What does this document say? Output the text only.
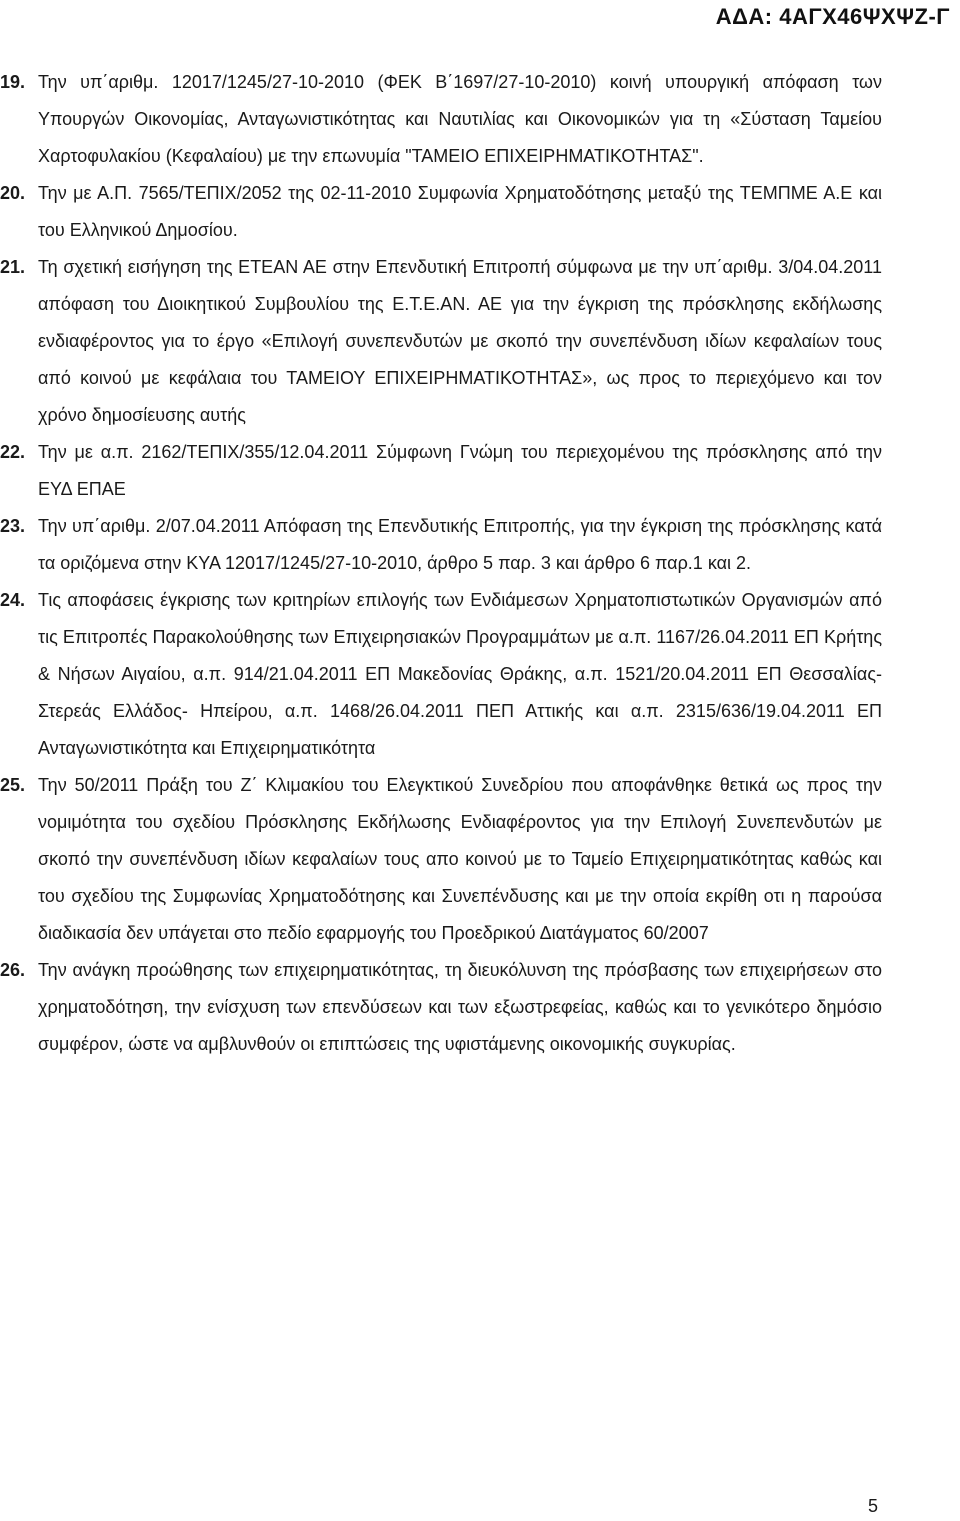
ΑΔΑ: 4ΑΓΧ46ΨΧΨΖ-Γ
19. Την υπ΄αριθμ. 12017/1245/27-10-2010 (ΦΕΚ Β΄1697/27-10-2010) κοινή υπουργική απόφαση των Υπουργών Οικονομίας, Ανταγωνιστικότητας και Ναυτιλίας και Οικονομικών για τη «Σύσταση Ταμείου Χαρτοφυλακίου (Κεφαλαίου) με την επωνυμία "ΤΑΜΕΙΟ ΕΠΙΧΕΙΡΗΜΑΤΙΚΟΤΗΤΑΣ".
20. Την με Α.Π. 7565/ΤΕΠΙΧ/2052 της 02-11-2010 Συμφωνία Χρηματοδότησης μεταξύ της ΤΕΜΠΜΕ Α.Ε και του Ελληνικού Δημοσίου.
21. Τη σχετική εισήγηση της ΕΤΕΑΝ ΑΕ στην Επενδυτική Επιτροπή σύμφωνα με την υπ΄αριθμ. 3/04.04.2011 απόφαση του Διοικητικού Συμβουλίου της Ε.Τ.Ε.ΑΝ. ΑΕ για την έγκριση της πρόσκλησης εκδήλωσης ενδιαφέροντος για το έργο «Επιλογή συνεπενδυτών με σκοπό την συνεπένδυση ιδίων κεφαλαίων τους από κοινού με κεφάλαια του ΤΑΜΕΙΟΥ ΕΠΙΧΕΙΡΗΜΑΤΙΚΟΤΗΤΑΣ», ως προς το περιεχόμενο και τον χρόνο δημοσίευσης αυτής
22. Την με α.π. 2162/ΤΕΠΙΧ/355/12.04.2011 Σύμφωνη Γνώμη του περιεχομένου της πρόσκλησης από την ΕΥΔ ΕΠΑΕ
23. Την υπ΄αριθμ. 2/07.04.2011 Απόφαση της Επενδυτικής Επιτροπής, για την έγκριση της πρόσκλησης κατά τα οριζόμενα στην ΚΥΑ 12017/1245/27-10-2010, άρθρο 5 παρ. 3 και άρθρο 6 παρ.1 και 2.
24. Τις αποφάσεις έγκρισης των κριτηρίων επιλογής των Ενδιάμεσων Χρηματοπιστωτικών Οργανισμών από τις Επιτροπές Παρακολούθησης των Επιχειρησιακών Προγραμμάτων με α.π. 1167/26.04.2011 ΕΠ Κρήτης & Νήσων Αιγαίου, α.π. 914/21.04.2011 ΕΠ Μακεδονίας Θράκης, α.π. 1521/20.04.2011 ΕΠ Θεσσαλίας- Στερεάς Ελλάδος- Ηπείρου, α.π. 1468/26.04.2011 ΠΕΠ Αττικής και α.π. 2315/636/19.04.2011 ΕΠ Ανταγωνιστικότητα και Επιχειρηματικότητα
25. Την 50/2011 Πράξη του Ζ΄ Κλιμακίου του Ελεγκτικού Συνεδρίου που αποφάνθηκε θετικά ως προς την νομιμότητα του σχεδίου Πρόσκλησης Εκδήλωσης Ενδιαφέροντος για την Επιλογή Συνεπενδυτών με σκοπό την συνεπένδυση ιδίων κεφαλαίων τους απο κοινού με το Ταμείο Επιχειρηματικότητας καθώς και του σχεδίου της Συμφωνίας Χρηματοδότησης και Συνεπένδυσης και με την οποία εκρίθη οτι η παρούσα διαδικασία δεν υπάγεται στο πεδίο εφαρμογής του Προεδρικού Διατάγματος 60/2007
26. Την ανάγκη προώθησης των επιχειρηματικότητας, τη διευκόλυνση της πρόσβασης των επιχειρήσεων στο χρηματοδότηση, την ενίσχυση των επενδύσεων και των εξωστρεφείας, καθώς και το γενικότερο δημόσιο συμφέρον, ώστε να αμβλυνθούν οι επιπτώσεις της υφιστάμενης οικονομικής συγκυρίας.
5
